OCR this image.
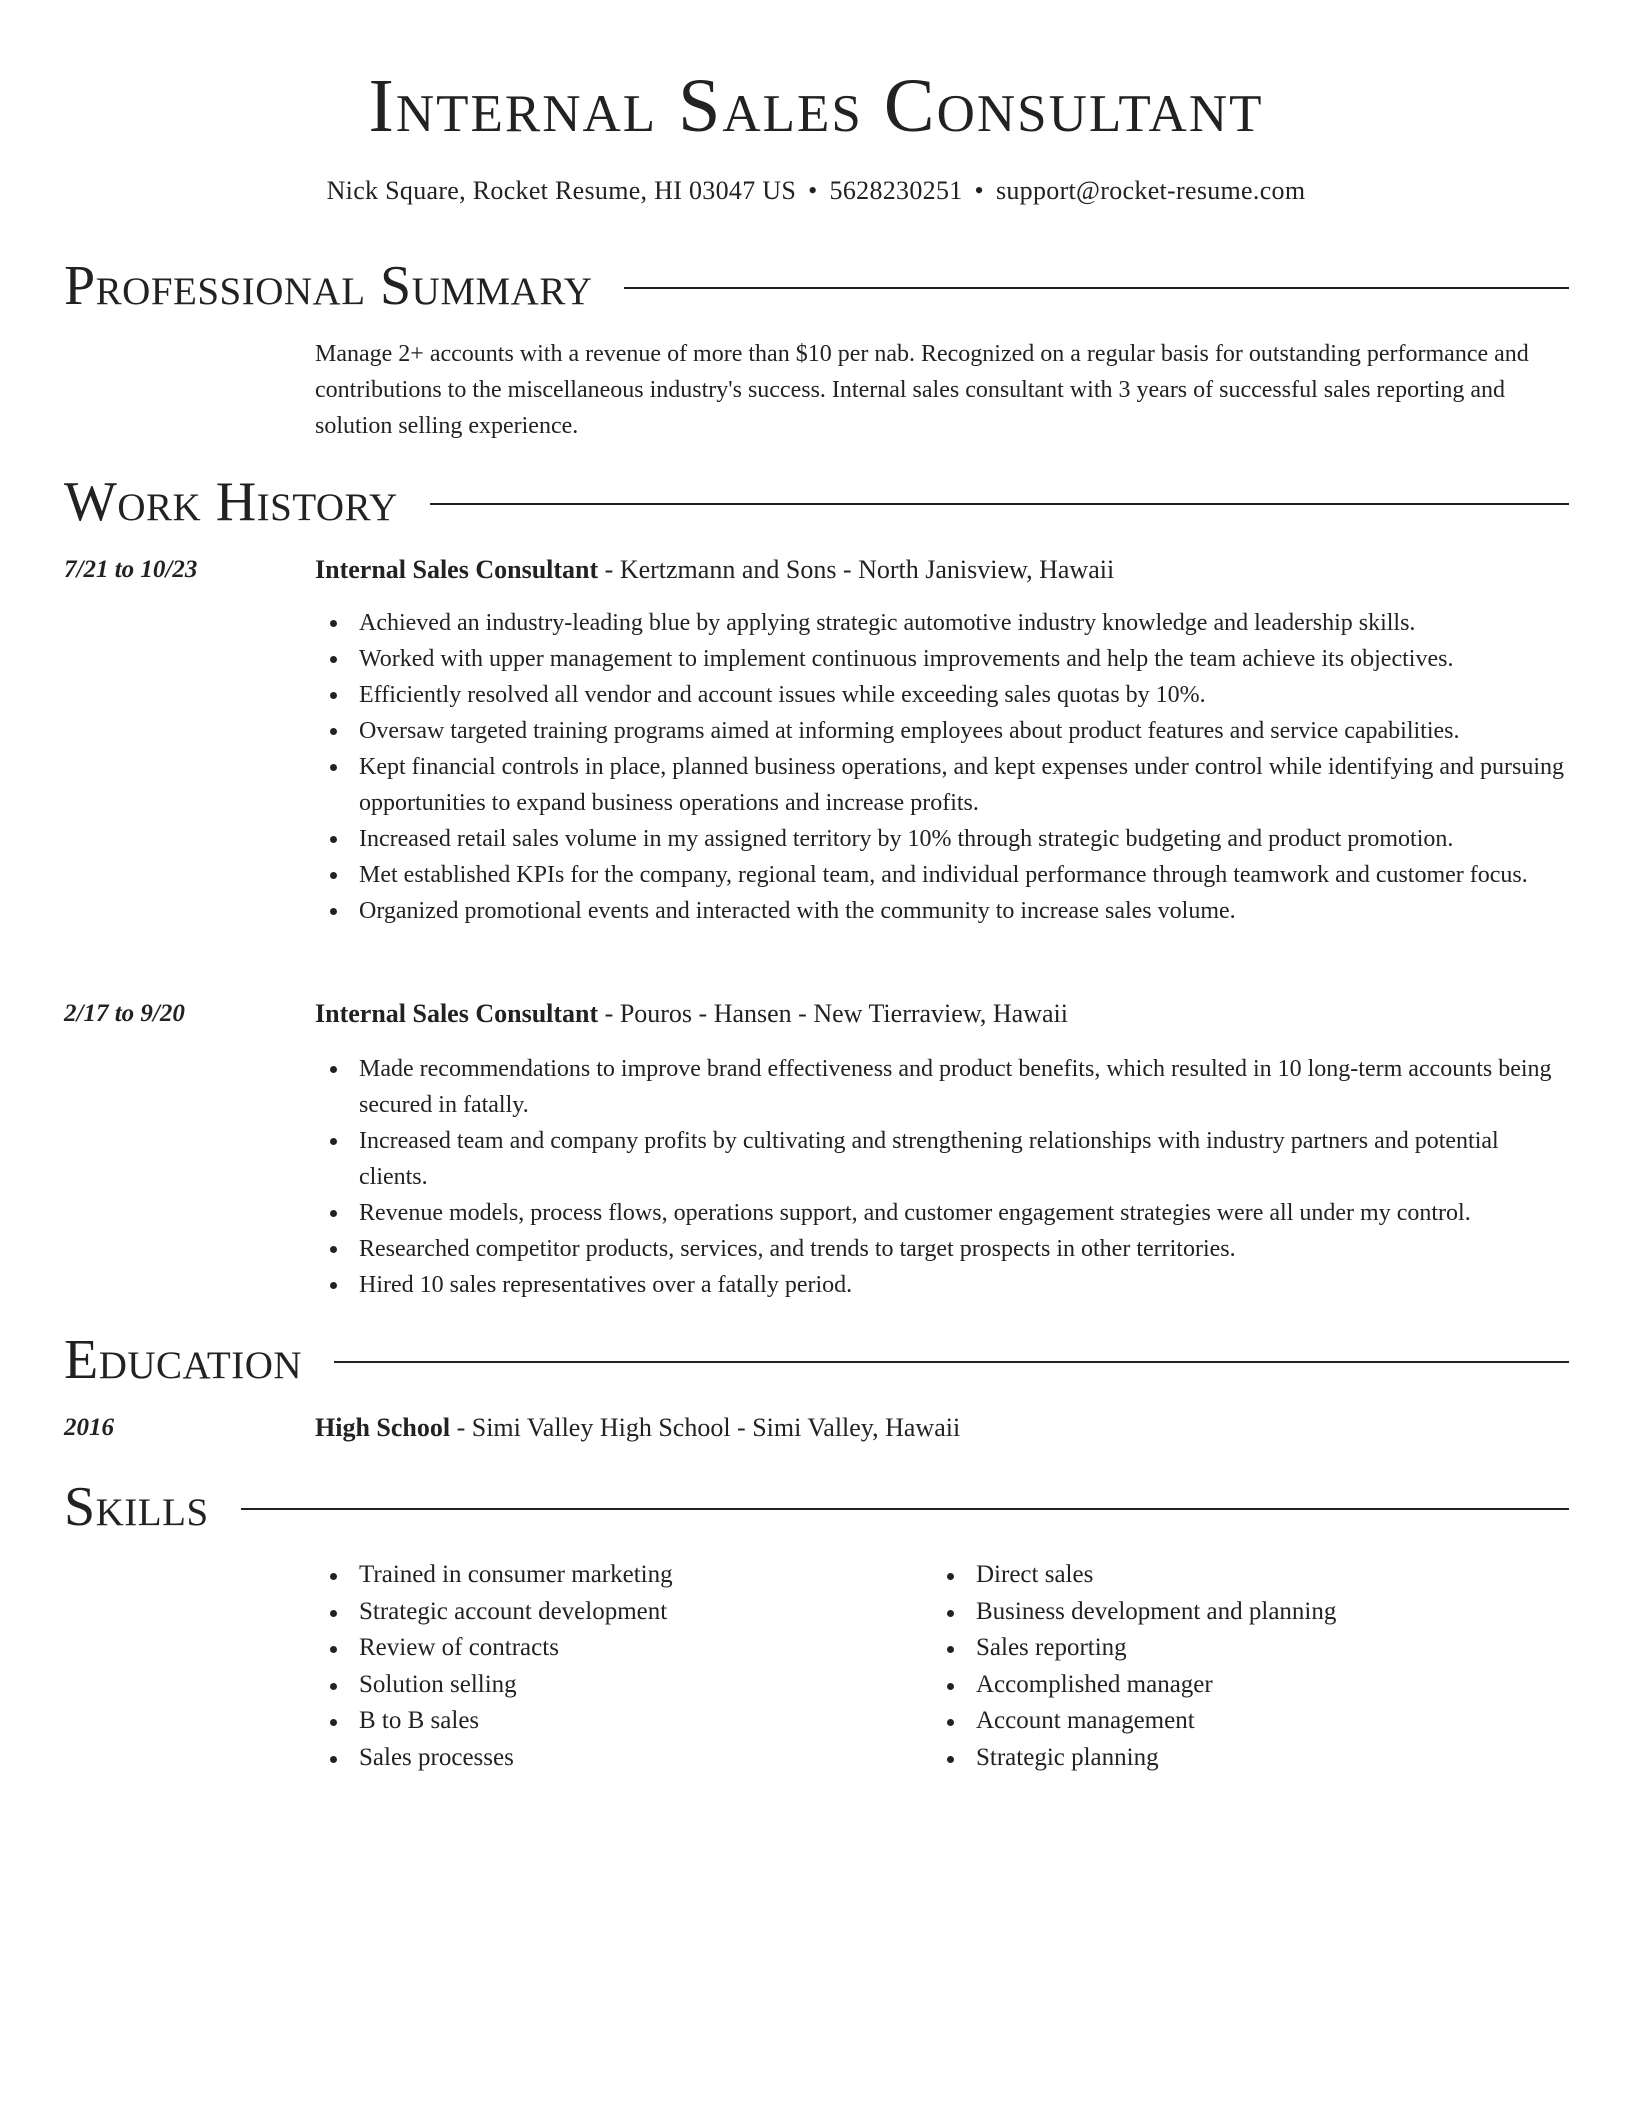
Internal Sales Consultant
Nick Square, Rocket Resume, HI 03047 US • 5628230251 • support@rocket-resume.com
Professional Summary
Manage 2+ accounts with a revenue of more than $10 per nab. Recognized on a regular basis for outstanding performance and contributions to the miscellaneous industry's success. Internal sales consultant with 3 years of successful sales reporting and solution selling experience.
Work History
7/21 to 10/23	Internal Sales Consultant - Kertzmann and Sons - North Janisview, Hawaii
Achieved an industry-leading blue by applying strategic automotive industry knowledge and leadership skills.
Worked with upper management to implement continuous improvements and help the team achieve its objectives.
Efficiently resolved all vendor and account issues while exceeding sales quotas by 10%.
Oversaw targeted training programs aimed at informing employees about product features and service capabilities.
Kept financial controls in place, planned business operations, and kept expenses under control while identifying and pursuing opportunities to expand business operations and increase profits.
Increased retail sales volume in my assigned territory by 10% through strategic budgeting and product promotion.
Met established KPIs for the company, regional team, and individual performance through teamwork and customer focus.
Organized promotional events and interacted with the community to increase sales volume.
2/17 to 9/20	Internal Sales Consultant - Pouros - Hansen - New Tierraview, Hawaii
Made recommendations to improve brand effectiveness and product benefits, which resulted in 10 long-term accounts being secured in fatally.
Increased team and company profits by cultivating and strengthening relationships with industry partners and potential clients.
Revenue models, process flows, operations support, and customer engagement strategies were all under my control.
Researched competitor products, services, and trends to target prospects in other territories.
Hired 10 sales representatives over a fatally period.
Education
2016	High School - Simi Valley High School - Simi Valley, Hawaii
Skills
Trained in consumer marketing
Strategic account development
Review of contracts
Solution selling
B to B sales
Sales processes
Direct sales
Business development and planning
Sales reporting
Accomplished manager
Account management
Strategic planning
